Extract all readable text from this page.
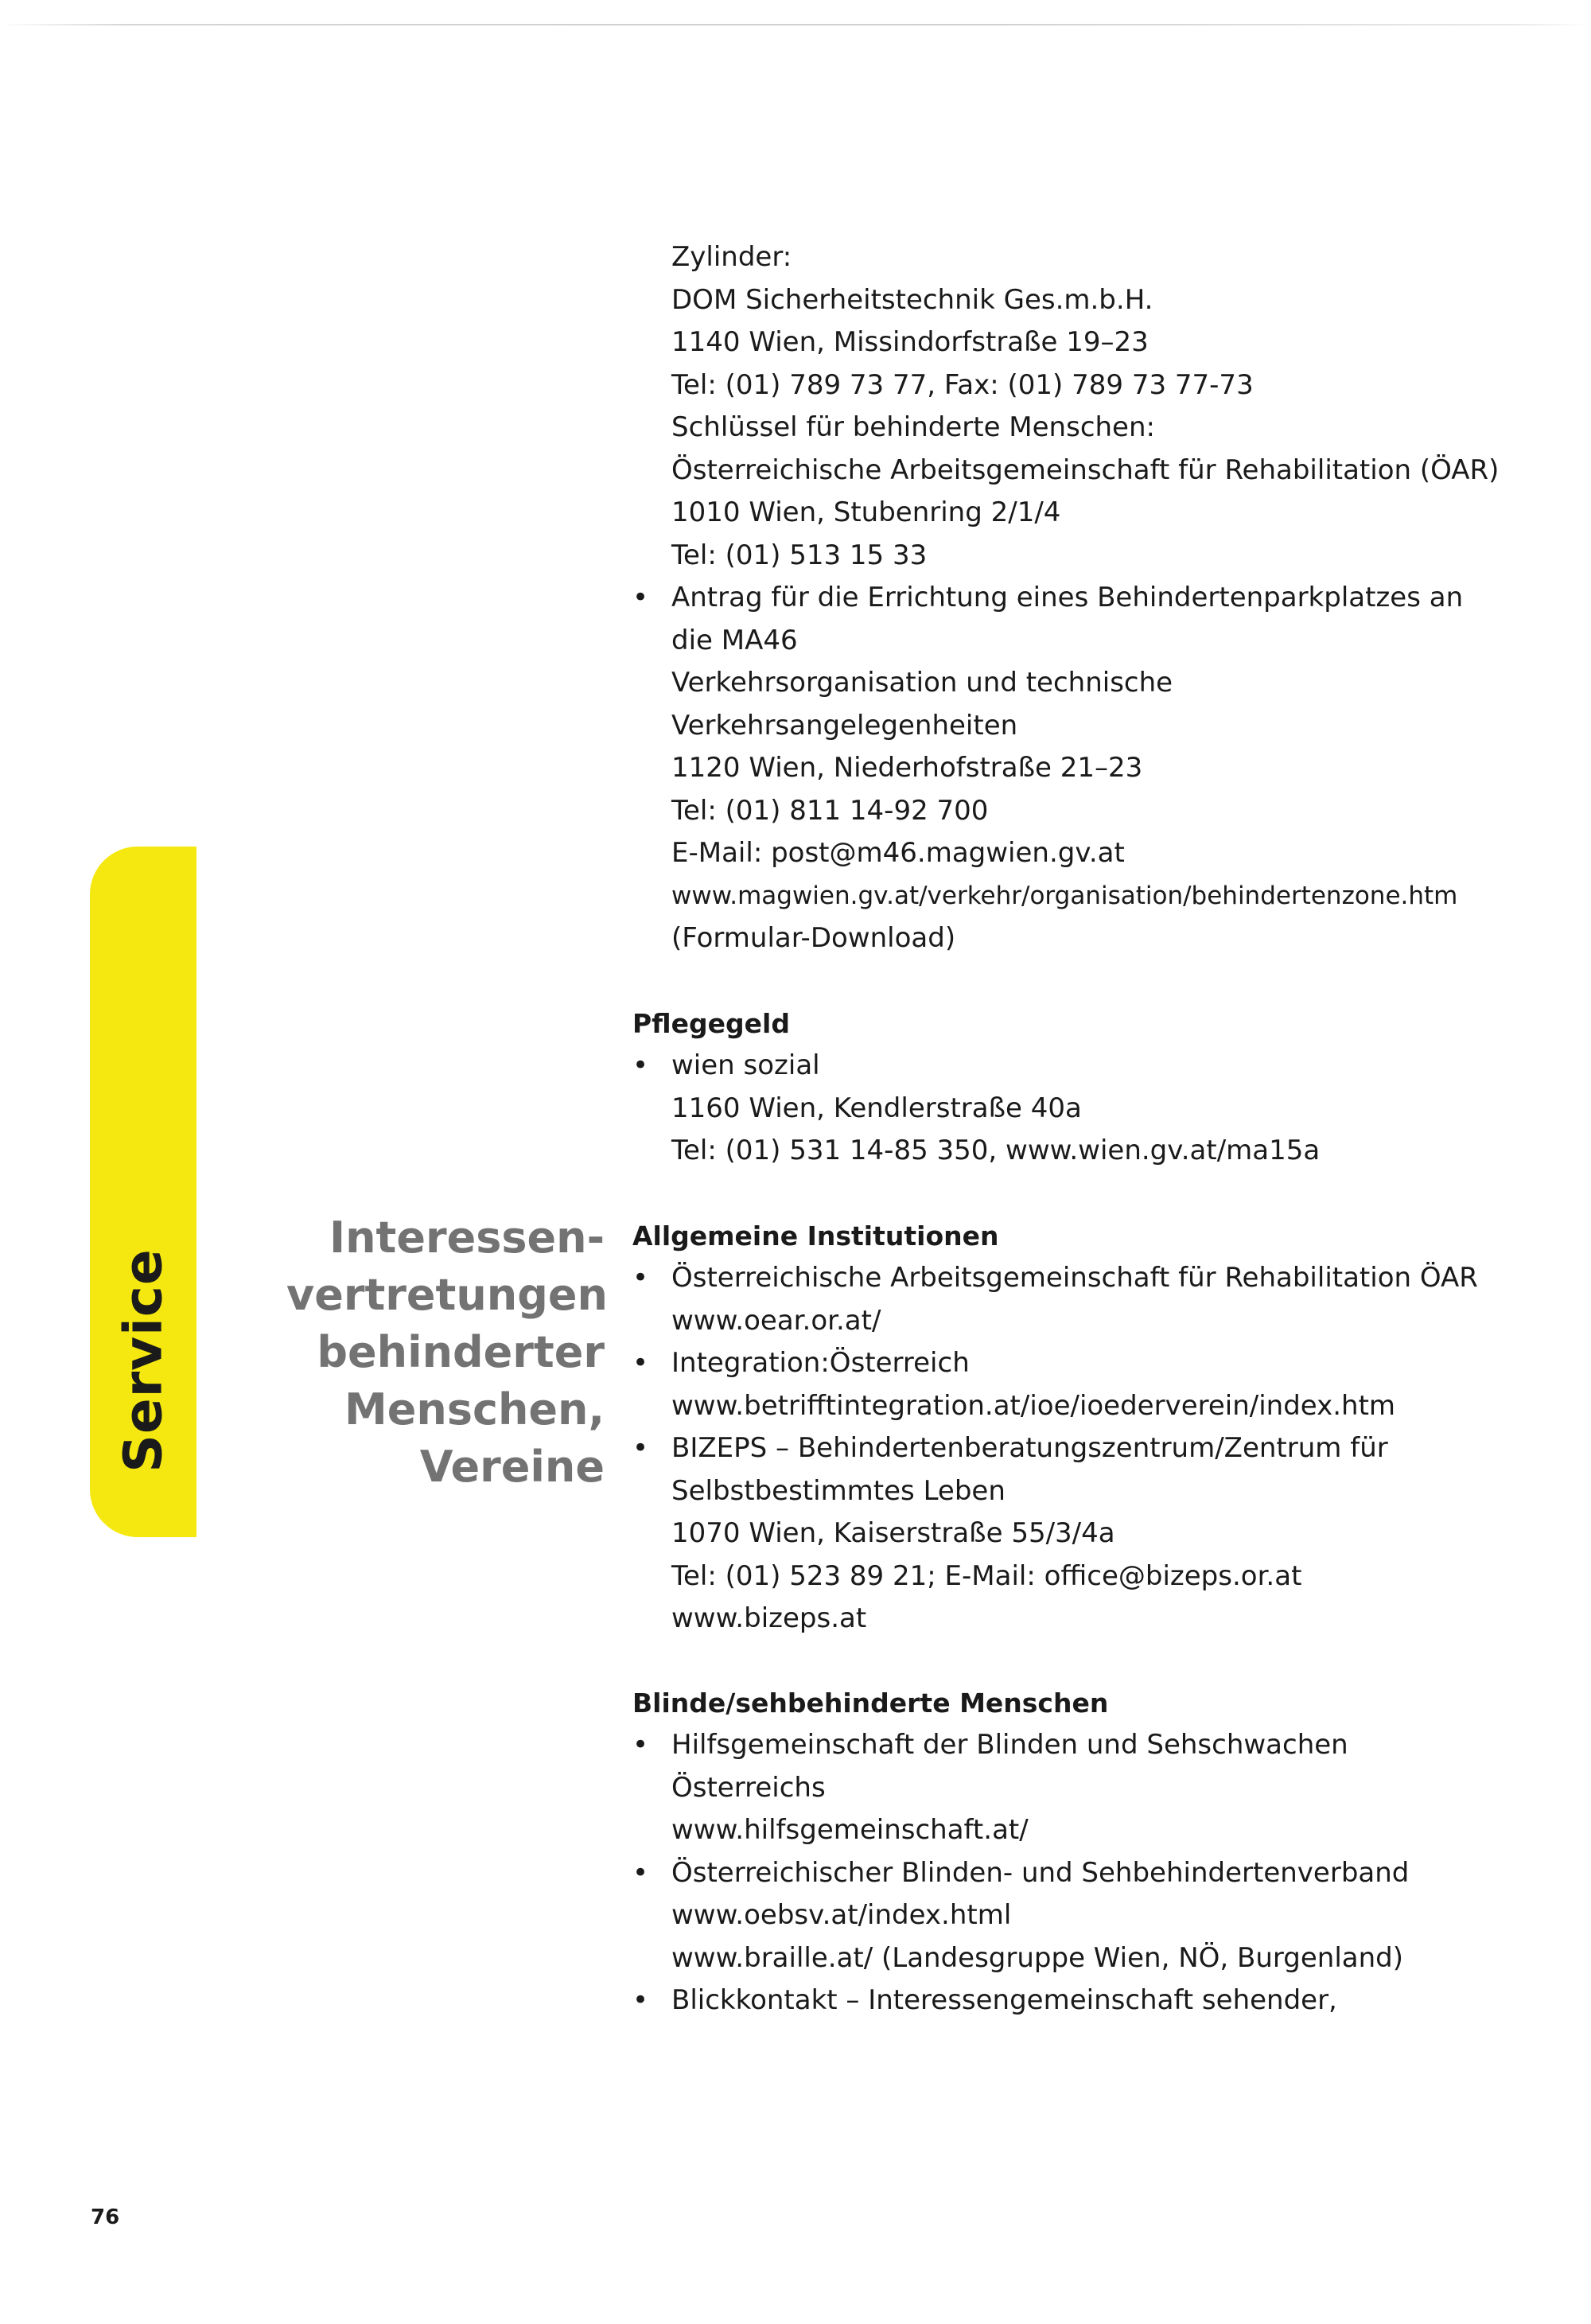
Service
Interessen-
vertretungen
behinderter
Menschen,
Vereine
Zylinder:
DOM Sicherheitstechnik Ges.m.b.H.
1140 Wien, Missindorfstraße 19–23
Tel: (01) 789 73 77, Fax: (01) 789 73 77-73
Schlüssel für behinderte Menschen:
Österreichische Arbeitsgemeinschaft für Rehabilitation (ÖAR)
1010 Wien, Stubenring 2/1/4
Tel: (01) 513 15 33
• Antrag für die Errichtung eines Behindertenparkplatzes an
die MA46
Verkehrsorganisation und technische
Verkehrsangelegenheiten
1120 Wien, Niederhofstraße 21–23
Tel: (01) 811 14-92 700
E-Mail: post@m46.magwien.gv.at
www.magwien.gv.at/verkehr/organisation/behindertenzone.htm
(Formular-Download)
Pflegegeld
• wien sozial
1160 Wien, Kendlerstraße 40a
Tel: (01) 531 14-85 350, www.wien.gv.at/ma15a
Allgemeine Institutionen
• Österreichische Arbeitsgemeinschaft für Rehabilitation ÖAR
www.oear.or.at/
• Integration:Österreich
www.betrifftintegration.at/ioe/ioederverein/index.htm
• BIZEPS – Behindertenberatungszentrum/Zentrum für
Selbstbestimmtes Leben
1070 Wien, Kaiserstraße 55/3/4a
Tel: (01) 523 89 21; E-Mail: office@bizeps.or.at
www.bizeps.at
Blinde/sehbehinderte Menschen
• Hilfsgemeinschaft der Blinden und Sehschwachen
Österreichs
www.hilfsgemeinschaft.at/
• Österreichischer Blinden- und Sehbehindertenverband
www.oebsv.at/index.html
www.braille.at/ (Landesgruppe Wien, NÖ, Burgenland)
• Blickkontakt – Interessengemeinschaft sehender,
76
